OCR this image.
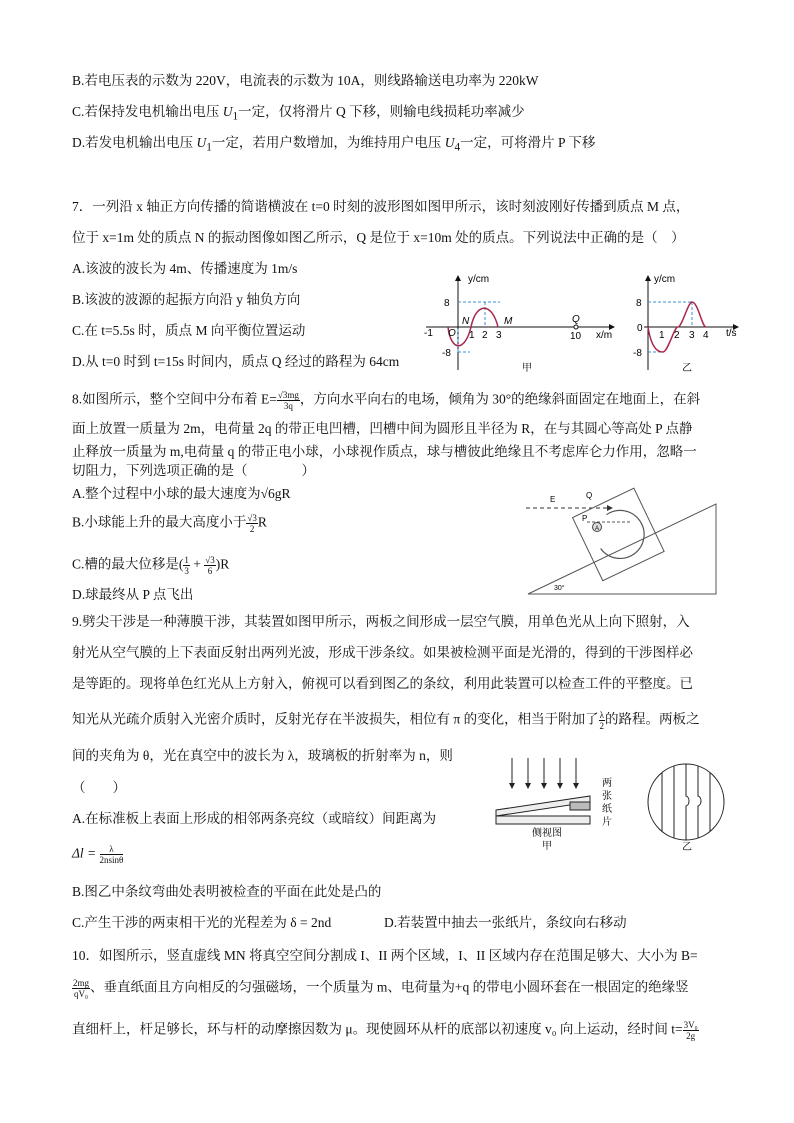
B.若电压表的示数为 220V，电流表的示数为 10A，则线路输送电功率为 220kW
C.若保持发电机输出电压 $U_1$一定，仅将滑片 Q 下移，则输电线损耗功率减少
D.若发电机输出电压 $U_1$一定，若用户数增加，为维持用户电压 $U_4$一定，可将滑片 P 下移
7．一列沿 x 轴正方向传播的简谐横波在 t=0 时刻的波形图如图甲所示，该时刻波刚好传播到质点 M 点，
位于 x=1m 处的质点 N 的振动图像如图乙所示，Q 是位于 x=10m 处的质点。下列说法中正确的是（　）
A.该波的波长为 4m、传播速度为 1m/s
B.该波的波源的起振方向沿 y 轴负方向
C.在 t=5.5s 时，质点 M 向平衡位置运动
D.从 t=0 时到 t=15s 时间内，质点 Q 经过的路程为 64cm
y/cm
x/m
8
-8
-1 O
N
1 2 3
M	Q
10
甲
y/cm
t/s
8
0
-8
1 2 3 4
乙
8.如图所示，整个空间中分布着 $E= \frac{√3mg}{3q}$ ，方向水平向右的电场，倾角为 30°的绝缘斜面固定在地面上，在斜
面上放置一质量为 2m，电荷量 2q 的带正电凹槽，凹槽中间为圆形且半径为 R，在与其圆心等高处 P 点静
止释放一质量为 m,电荷量 q 的带正电小球，小球视作质点，球与槽彼此绝缘且不考虑库仑力作用，忽略一
切阻力，下列选项正确的是（　　　　）
A.整个过程中小球的最大速度为√6gR
B.小球能上升的最大高度小于 $\frac{√3}{2}$ R
C.槽的最大位移是( $\frac{1}{3} + \frac{√3}{6} )R$
D.球最终从 P 点飞出
E	Q
P
A
30°
9.劈尖干涉是一种薄膜干涉，其装置如图甲所示，两板之间形成一层空气膜，用单色光从上向下照射，入
射光从空气膜的上下表面反射出两列光波，形成干涉条纹。如果被检测平面是光滑的，得到的干涉图样必
是等距的。现将单色红光从上方射入，俯视可以看到图乙的条纹，利用此装置可以检查工件的平整度。已
知光从光疏介质射入光密介质时，反射光存在半波损失，相位有 π 的变化，相当于附加了 $\frac{\lambda}{2}$ 的路程。两板之
间的夹角为 θ，光在真空中的波长为 λ，玻璃板的折射率为 n，则
（　　）
A.在标准板上表面上形成的相邻两条亮纹（或暗纹）间距离为
$\Delta l = \frac{\lambda}{2nsin\theta}$
B.图乙中条纹弯曲处表明被检查的平面在此处是凸的
C.产生干涉的两束相干光的光程差为 δ = 2nd	D.若装置中抽去一张纸片，条纹向右移动
侧视图
甲
两
张
纸
片
乙
10．如图所示，竖直虚线 MN 将真空空间分割成 I、II 两个区域，I、II 区域内存在范围足够大、大小为 B=
$\frac{2mg}{\text{qV₀}}$ 、垂直纸面且方向相反的匀强磁场，一个质量为 m、电荷量为+q 的带电小圆环套在一根固定的绝缘竖
直细杆上，杆足够长，环与杆的动摩擦因数为 μ。现使圆环从杆的底部以初速度 v₀ 向上运动，经时间 $t= \frac{\text{3V₀}}{2g}$
